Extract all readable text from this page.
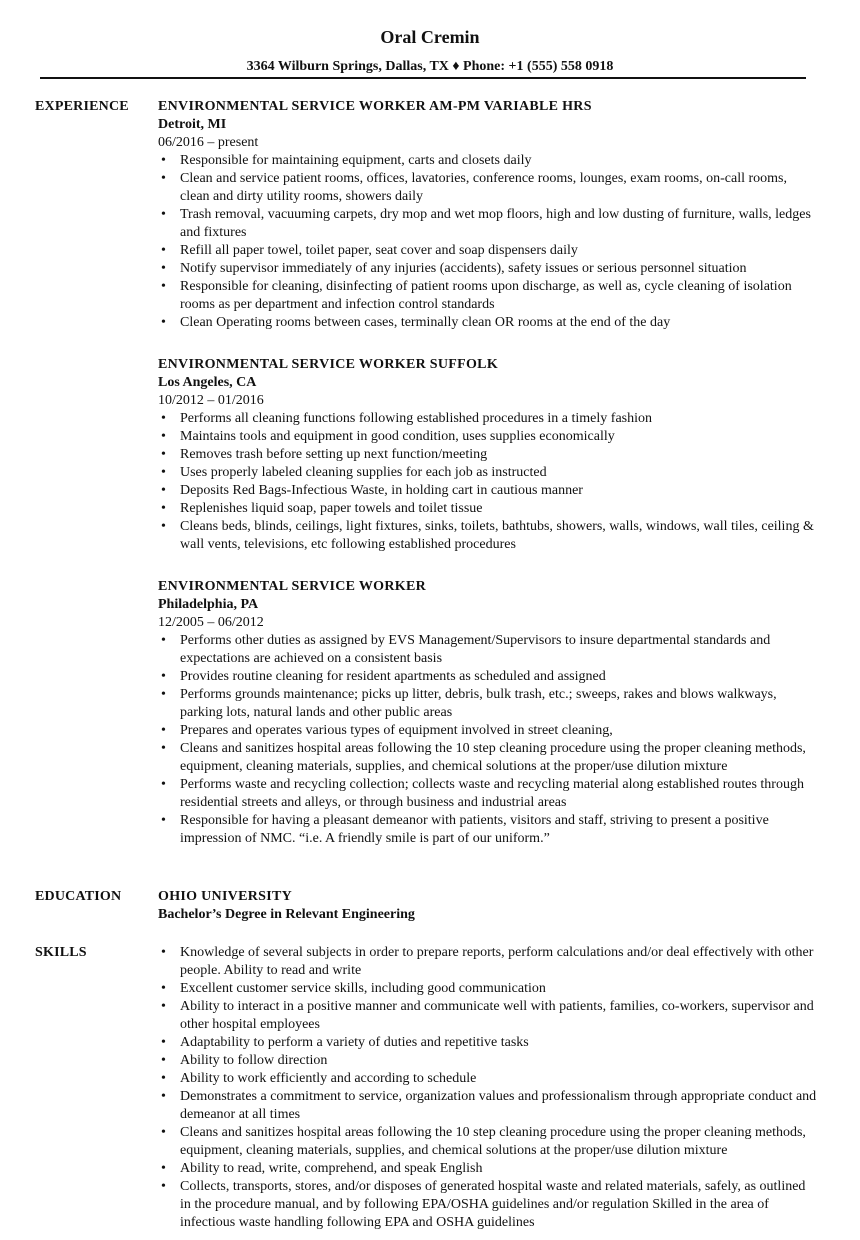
Oral Cremin
3364 Wilburn Springs, Dallas, TX ♦ Phone: +1 (555) 558 0918
EXPERIENCE ENVIRONMENTAL SERVICE WORKER AM-PM VARIABLE HRS
Detroit, MI
06/2016 – present
• Responsible for maintaining equipment, carts and closets daily
• Clean and service patient rooms, offices, lavatories, conference rooms, lounges, exam rooms, on-call rooms, clean and dirty utility rooms, showers daily
• Trash removal, vacuuming carpets, dry mop and wet mop floors, high and low dusting of furniture, walls, ledges and fixtures
• Refill all paper towel, toilet paper, seat cover and soap dispensers daily
• Notify supervisor immediately of any injuries (accidents), safety issues or serious personnel situation
• Responsible for cleaning, disinfecting of patient rooms upon discharge, as well as, cycle cleaning of isolation rooms as per department and infection control standards
• Clean Operating rooms between cases, terminally clean OR rooms at the end of the day
ENVIRONMENTAL SERVICE WORKER SUFFOLK
Los Angeles, CA
10/2012 – 01/2016
• Performs all cleaning functions following established procedures in a timely fashion
• Maintains tools and equipment in good condition, uses supplies economically
• Removes trash before setting up next function/meeting
• Uses properly labeled cleaning supplies for each job as instructed
• Deposits Red Bags-Infectious Waste, in holding cart in cautious manner
• Replenishes liquid soap, paper towels and toilet tissue
• Cleans beds, blinds, ceilings, light fixtures, sinks, toilets, bathtubs, showers, walls, windows, wall tiles, ceiling & wall vents, televisions, etc following established procedures
ENVIRONMENTAL SERVICE WORKER
Philadelphia, PA
12/2005 – 06/2012
• Performs other duties as assigned by EVS Management/Supervisors to insure departmental standards and expectations are achieved on a consistent basis
• Provides routine cleaning for resident apartments as scheduled and assigned
• Performs grounds maintenance; picks up litter, debris, bulk trash, etc.; sweeps, rakes and blows walkways, parking lots, natural lands and other public areas
• Prepares and operates various types of equipment involved in street cleaning,
• Cleans and sanitizes hospital areas following the 10 step cleaning procedure using the proper cleaning methods, equipment, cleaning materials, supplies, and chemical solutions at the proper/use dilution mixture
• Performs waste and recycling collection; collects waste and recycling material along established routes through residential streets and alleys, or through business and industrial areas
• Responsible for having a pleasant demeanor with patients, visitors and staff, striving to present a positive impression of NMC. “i.e. A friendly smile is part of our uniform.”
EDUCATION	OHIO UNIVERSITY
Bachelor’s Degree in Relevant Engineering
SKILLS
•	Knowledge of several subjects in order to prepare reports, perform calculations and/or deal effectively with other people. Ability to read and write
• Excellent customer service skills, including good communication
• Ability to interact in a positive manner and communicate well with patients, families, co-workers, supervisor and other hospital employees
• Adaptability to perform a variety of duties and repetitive tasks
• Ability to follow direction
• Ability to work efficiently and according to schedule
• Demonstrates a commitment to service, organization values and professionalism through appropriate conduct and demeanor at all times
• Cleans and sanitizes hospital areas following the 10 step cleaning procedure using the proper cleaning methods, equipment, cleaning materials, supplies, and chemical solutions at the proper/use dilution mixture
• Ability to read, write, comprehend, and speak English
• Collects, transports, stores, and/or disposes of generated hospital waste and related materials, safely, as outlined in the procedure manual, and by following EPA/OSHA guidelines and/or regulation Skilled in the area of infectious waste handling following EPA and OSHA guidelines
